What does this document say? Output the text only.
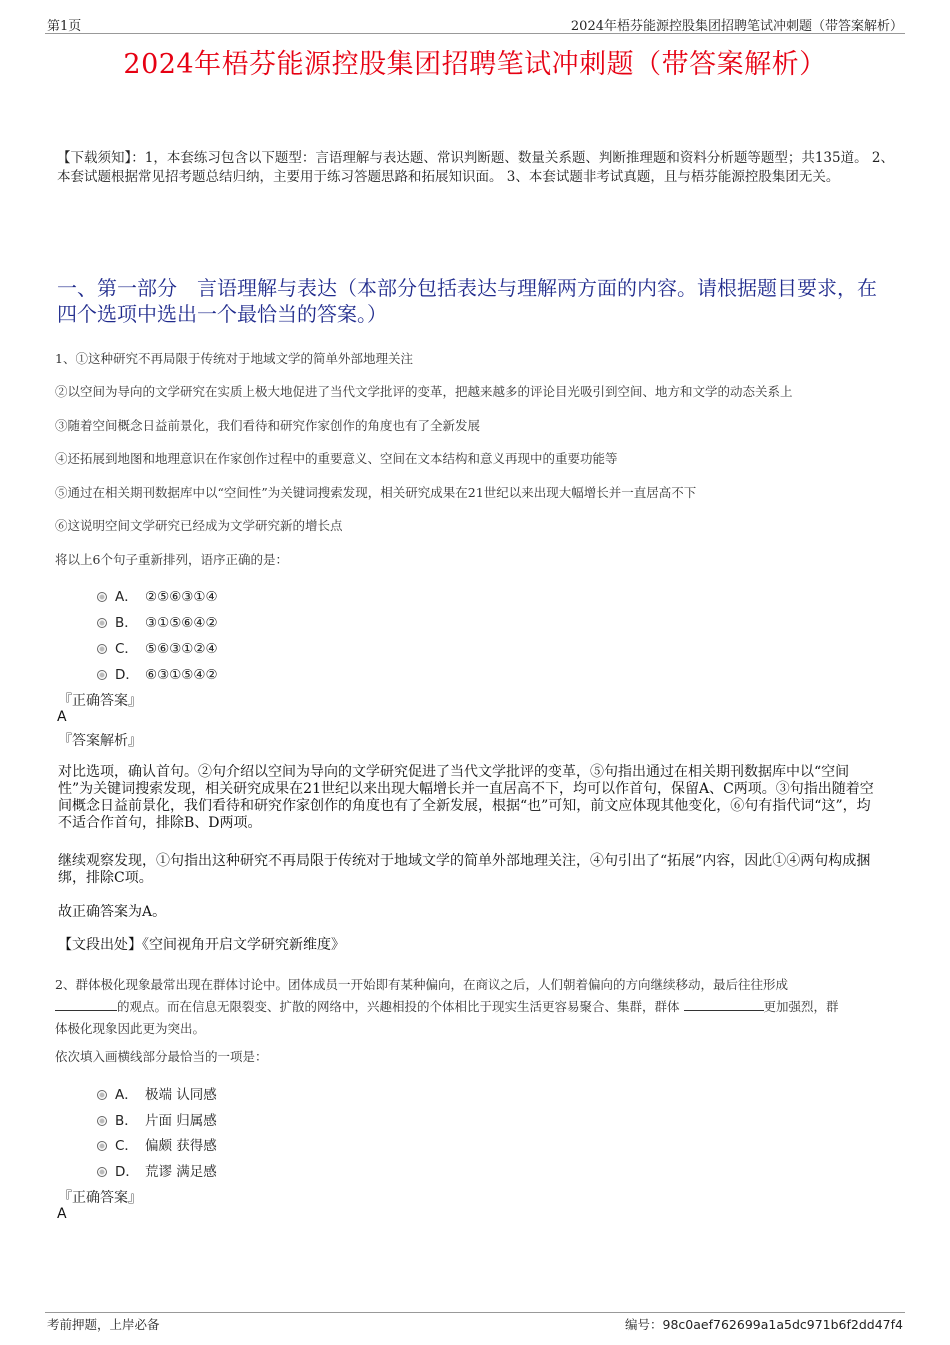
第1页	2024年梧芬能源控股集团招聘笔试冲刺题（带答案解析）
2024年梧芬能源控股集团招聘笔试冲刺题（带答案解析）
【下载须知】：1，本套练习包含以下题型：言语理解与表达题、常识判断题、数量关系题、判断推理题和资料分析题等题型；共135道。 2、本套试题根据常见招考题总结归纳，主要用于练习答题思路和拓展知识面。 3、本套试题非考试真题，且与梧芬能源控股集团无关。
一、第一部分　言语理解与表达（本部分包括表达与理解两方面的内容。请根据题目要求，在四个选项中选出一个最恰当的答案。）
1、①这种研究不再局限于传统对于地域文学的简单外部地理关注
②以空间为导向的文学研究在实质上极大地促进了当代文学批评的变革，把越来越多的评论目光吸引到空间、地方和文学的动态关系上
③随着空间概念日益前景化，我们看待和研究作家创作的角度也有了全新发展
④还拓展到地图和地理意识在作家创作过程中的重要意义、空间在文本结构和意义再现中的重要功能等
⑤通过在相关期刊数据库中以“空间性”为关键词搜索发现，相关研究成果在21世纪以来出现大幅增长并一直居高不下
⑥这说明空间文学研究已经成为文学研究新的增长点
将以上6个句子重新排列，语序正确的是：
A． ②⑤⑥③①④
B． ③①⑤⑥④②
C． ⑤⑥③①②④
D． ⑥③①⑤④②
『正确答案』
A
『答案解析』
对比选项，确认首句。②句介绍以空间为导向的文学研究促进了当代文学批评的变革，⑤句指出通过在相关期刊数据库中以“空间性”为关键词搜索发现，相关研究成果在21世纪以来出现大幅增长并一直居高不下，均可以作首句，保留A、C两项。③句指出随着空间概念日益前景化，我们看待和研究作家创作的角度也有了全新发展，根据“也”可知，前文应体现其他变化，⑥句有指代词“这”，均不适合作首句，排除B、D两项。
继续观察发现，①句指出这种研究不再局限于传统对于地域文学的简单外部地理关注，④句引出了“拓展”内容，因此①④两句构成捆绑，排除C项。
故正确答案为A。
【文段出处】《空间视角开启文学研究新维度》
2、群体极化现象最常出现在群体讨论中。团体成员一开始即有某种偏向，在商议之后，人们朝着偏向的方向继续移动，最后往往形成
的观点。而在信息无限裂变、扩散的网络中，兴趣相投的个体相比于现实生活更容易聚合、集群，群体	更加强烈，群
体极化现象因此更为突出。
依次填入画横线部分最恰当的一项是：
A． 极端 认同感
B． 片面 归属感
C． 偏颇 获得感
D． 荒谬 满足感
『正确答案』
A
考前押题，上岸必备	编号：98c0aef762699a1a5dc971b6f2dd47f4
